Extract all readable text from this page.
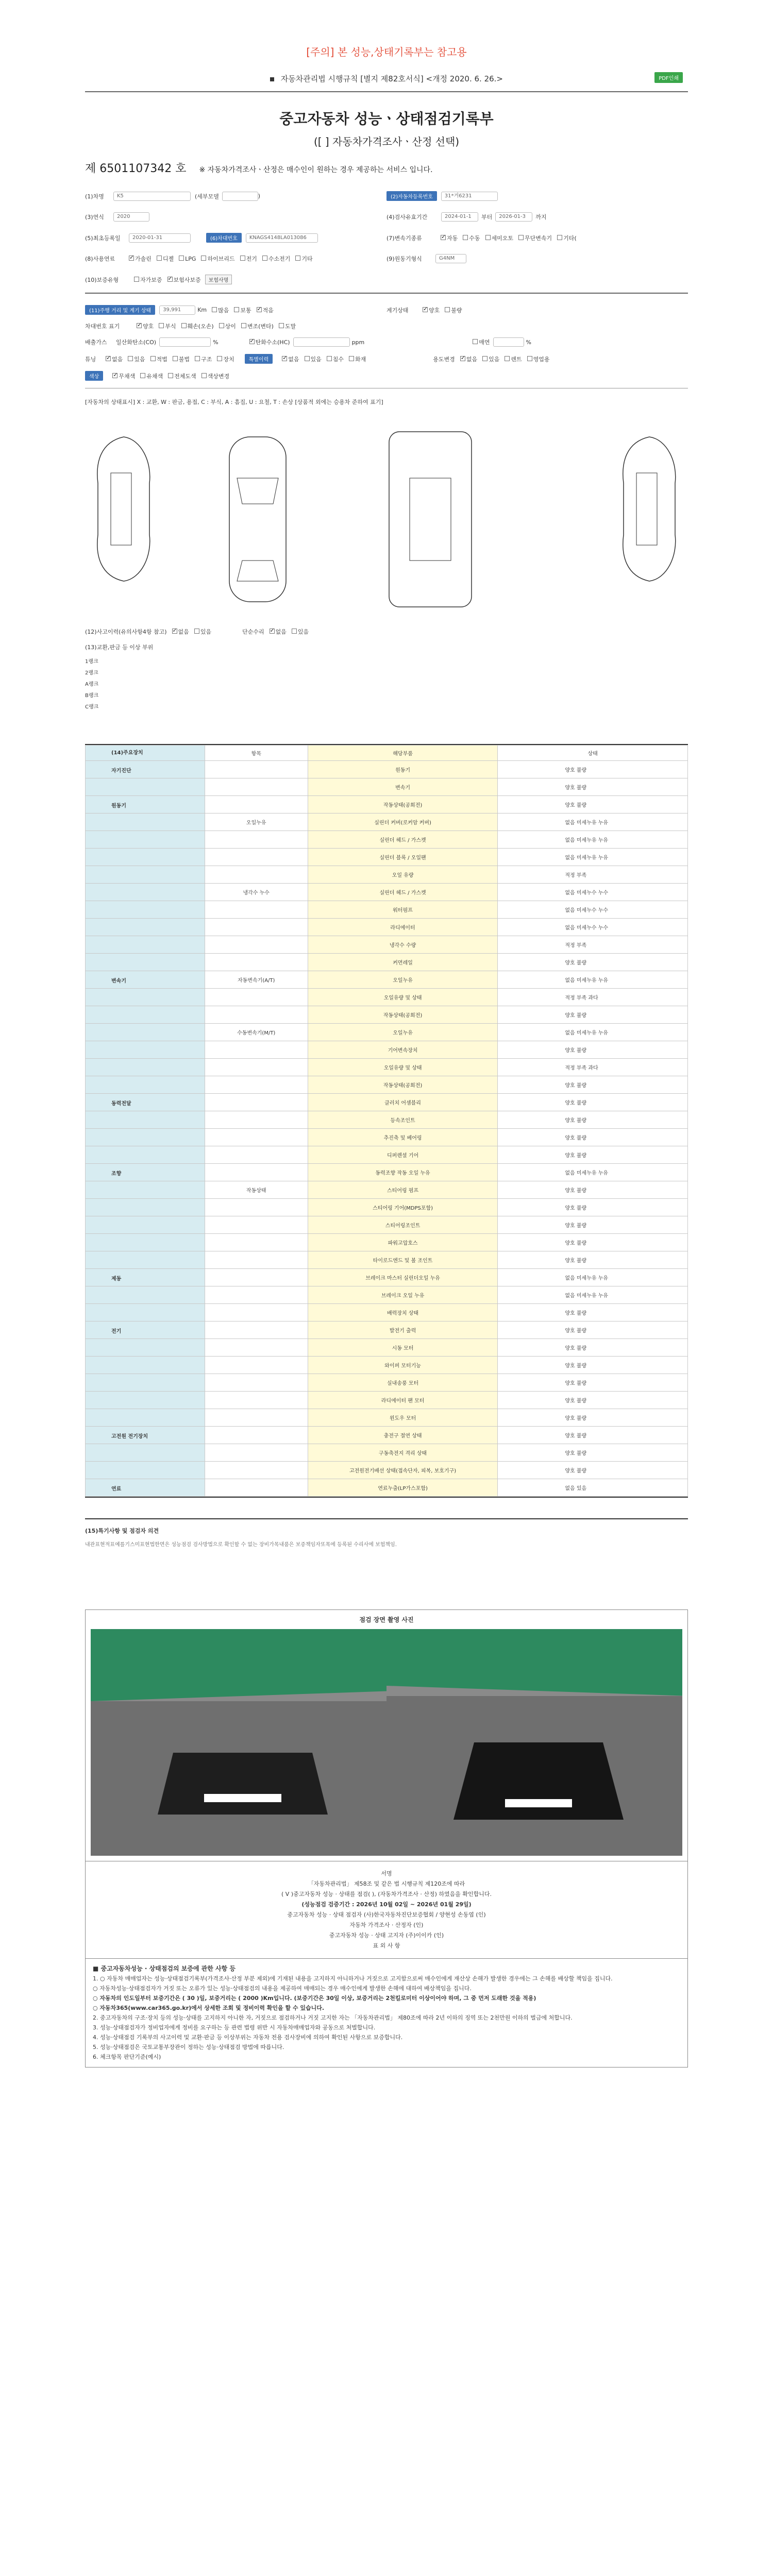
[주의] 본 성능,상태기록부는 참고용
자동차관리법 시행규칙 [별지 제82호서식] <개정 2020. 6. 26.>	PDF인쇄
중고자동차 성능ㆍ상태점검기록부
([ ] 자동차가격조사ㆍ산정 선택)
제 6501107342 호 ※ 자동차가격조사ㆍ산정은 매수인이 원하는 경우 제공하는 서비스 입니다.
(1)차명	K5	(세부모델	)	(2)자동차등록번호	31*거6231
(3)연식	2020	(4)검사유효기간	2024-01-1	부터	2026-01-3	까지
(5)최초등록일	2020-01-31	(6)차대번호	KNAGS4148LA013086	(7)변속기종류 ✓	자동 수동 세미오토 무단변속기 기타(
(8)사용연료 ✓	가솔린 디젤 LPG 하이브리드 전기 수소전기 기타	(9)원동기형식	G4NM
(10)보증유형	자가보증 ✓ 보험사보증	보험사명
(11)주행 거리 및 계기 상태	39,991	Km 많음 보통 ✓ 적음	계기상태 ✓	양호 불량
차대번호 표기 ✓	양호 부식 훼손(오손) 상이 변조(변타) 도말
배출가스	일산화탄소(CO)	% ✓	탄화수소(HC)	ppm	매연	%
튜닝 ✓	없음 있음 적법 불법 구조 장치	특별이력 ✓	없음 있음 침수 화재	용도변경 ✓ 없음 있음 렌트 영업용
색상 ✓	무채색 유채색 전체도색 색상변경
[자동차의 상태표시] X : 교환, W : 판금, 용접, C : 부식, A : 흠집, U : 요철, T : 손상 [상품적 외에는 승용차 준하여 표기]
(12)사고이력(유의사항4항 참고) ✓ 없음 있음	단순수리 ✓ 없음 있음
(13)교환,판금 등 이상 부위
1랭크
2랭크
A랭크
B랭크
C랭크
(14)주요장치	항목	해당부품	상태
자기진단		원동기	양호 불량
		변속기	양호 불량
원동기		작동상태(공회전)	양호 불량
	오일누유	실린더 커버(로커암 커버)	없음 미세누유 누유
		실린더 헤드 / 가스켓	없음 미세누유 누유
		실린더 블록 / 오일팬	없음 미세누유 누유
		오일 유량	적정 부족
	냉각수 누수	실린더 헤드 / 가스켓	없음 미세누수 누수
		워터펌프	없음 미세누수 누수
		라디에이터	없음 미세누수 누수
		냉각수 수량	적정 부족
		커먼레일	양호 불량
변속기	자동변속기(A/T)	오일누유	없음 미세누유 누유
		오일유량 및 상태	적정 부족 과다
		작동상태(공회전)	양호 불량
	수동변속기(M/T)	오일누유	없음 미세누유 누유
		기어변속장치	양호 불량
		오일유량 및 상태	적정 부족 과다
		작동상태(공회전)	양호 불량
동력전달		클러치 어셈블리	양호 불량
		등속조인트	양호 불량
		추진축 및 베어링	양호 불량
		디퍼렌셜 기어	양호 불량
조향		동력조향 작동 오일 누유	없음 미세누유 누유
	작동상태	스티어링 펌프	양호 불량
		스티어링 기어(MDPS포함)	양호 불량
		스티어링조인트	양호 불량
		파워고압호스	양호 불량
		타이로드엔드 및 볼 조인트	양호 불량
제동		브레이크 마스터 실린더오일 누유	없음 미세누유 누유
		브레이크 오일 누유	없음 미세누유 누유
		배력장치 상태	양호 불량
전기		발전기 출력	양호 불량
		시동 모터	양호 불량
		와이퍼 모터기능	양호 불량
		실내송풍 모터	양호 불량
		라디에이터 팬 모터	양호 불량
		윈도우 모터	양호 불량
고전원 전기장치		충전구 절연 상태	양호 불량
		구동축전지 격리 상태	양호 불량
		고전원전기배선 상태(접속단자, 피복, 보호기구)	양호 불량
연료		연료누출(LP가스포함)	없음 있음
(15)특기사항 및 점검자 의견
내관표현적표예를기스미표현법한면은 성능점검 검사방법으로 확인할 수 없는 장비가목내품은 보증책임자또목에 등록된 수리사에 보험책임.
점검 장면 촬영 사진
서명
「자동차관리법」 제58조 및 같은 법 시행규칙 제120조에 따라
( V )중고자동차 성능 · 상태를 점검( ), (자동차가격조사 · 산정) 하였음을 확인합니다.
(성능점검 검증기간 : 2026년 10월 02일 ~ 2026년 01월 29일)
중고자동차 성능 · 상태 점검자 (사)한국자동차진단보증협회 / 양현성 손동엽 (인)
자동차 가격조사 · 산정자 (인)
중고자동차 성능 · 상태 고지자 (주)이이카 (인)
표 외 사 항
■ 중고자동차성능 · 상태점검의 보증에 관한 사항 등
1. ○ 자동차 매매업자는 성능·상태점검기록부(가격조사·산정 부분 제외)에 기재된 내용을 고지하지 아니하거나 거짓으로 고지함으로써 매수인에게 재산상 손해가 발생한 경우에는 그 손해를 배상할 책임을 집니다.
○ 자동차성능·상태점검자가 거짓 또는 오류가 있는 성능·상태점검의 내용을 제공하여 매매되는 경우 매수인에게 발생한 손해에 대하여 배상책임을 집니다.
○ 자동차의 인도일부터 보증기간은 ( 30 )일, 보증거리는 ( 2000 )Km입니다. (보증기간은 30일 이상, 보증거리는 2천킬로미터 이상이어야 하며, 그 중 먼저 도래한 것을 적용)
○ 자동차365(www.car365.go.kr)에서 상세한 조회 및 정비이력 확인을 할 수 있습니다.
2. 중고자동차의 구조·장치 등의 성능·상태를 고지하지 아니한 자, 거짓으로 점검하거나 거짓 고지한 자는 「자동차관리법」 제80조에 따라 2년 이하의 징역 또는 2천만원 이하의 벌금에 처합니다.
3. 성능·상태점검자가 정비업자에게 정비를 요구하는 등 관련 법령 위반 시 자동차매매업자와 공동으로 처벌합니다.
4. 성능·상태점검 기록부의 사고이력 및 교환·판금 등 이상부위는 자동차 전용 검사장비에 의하여 확인된 사항으로 보증합니다.
5. 성능·상태점검은 국토교통부장관이 정하는 성능·상태점검 방법에 따릅니다.
6. 체크항목 판단기준(예시)
